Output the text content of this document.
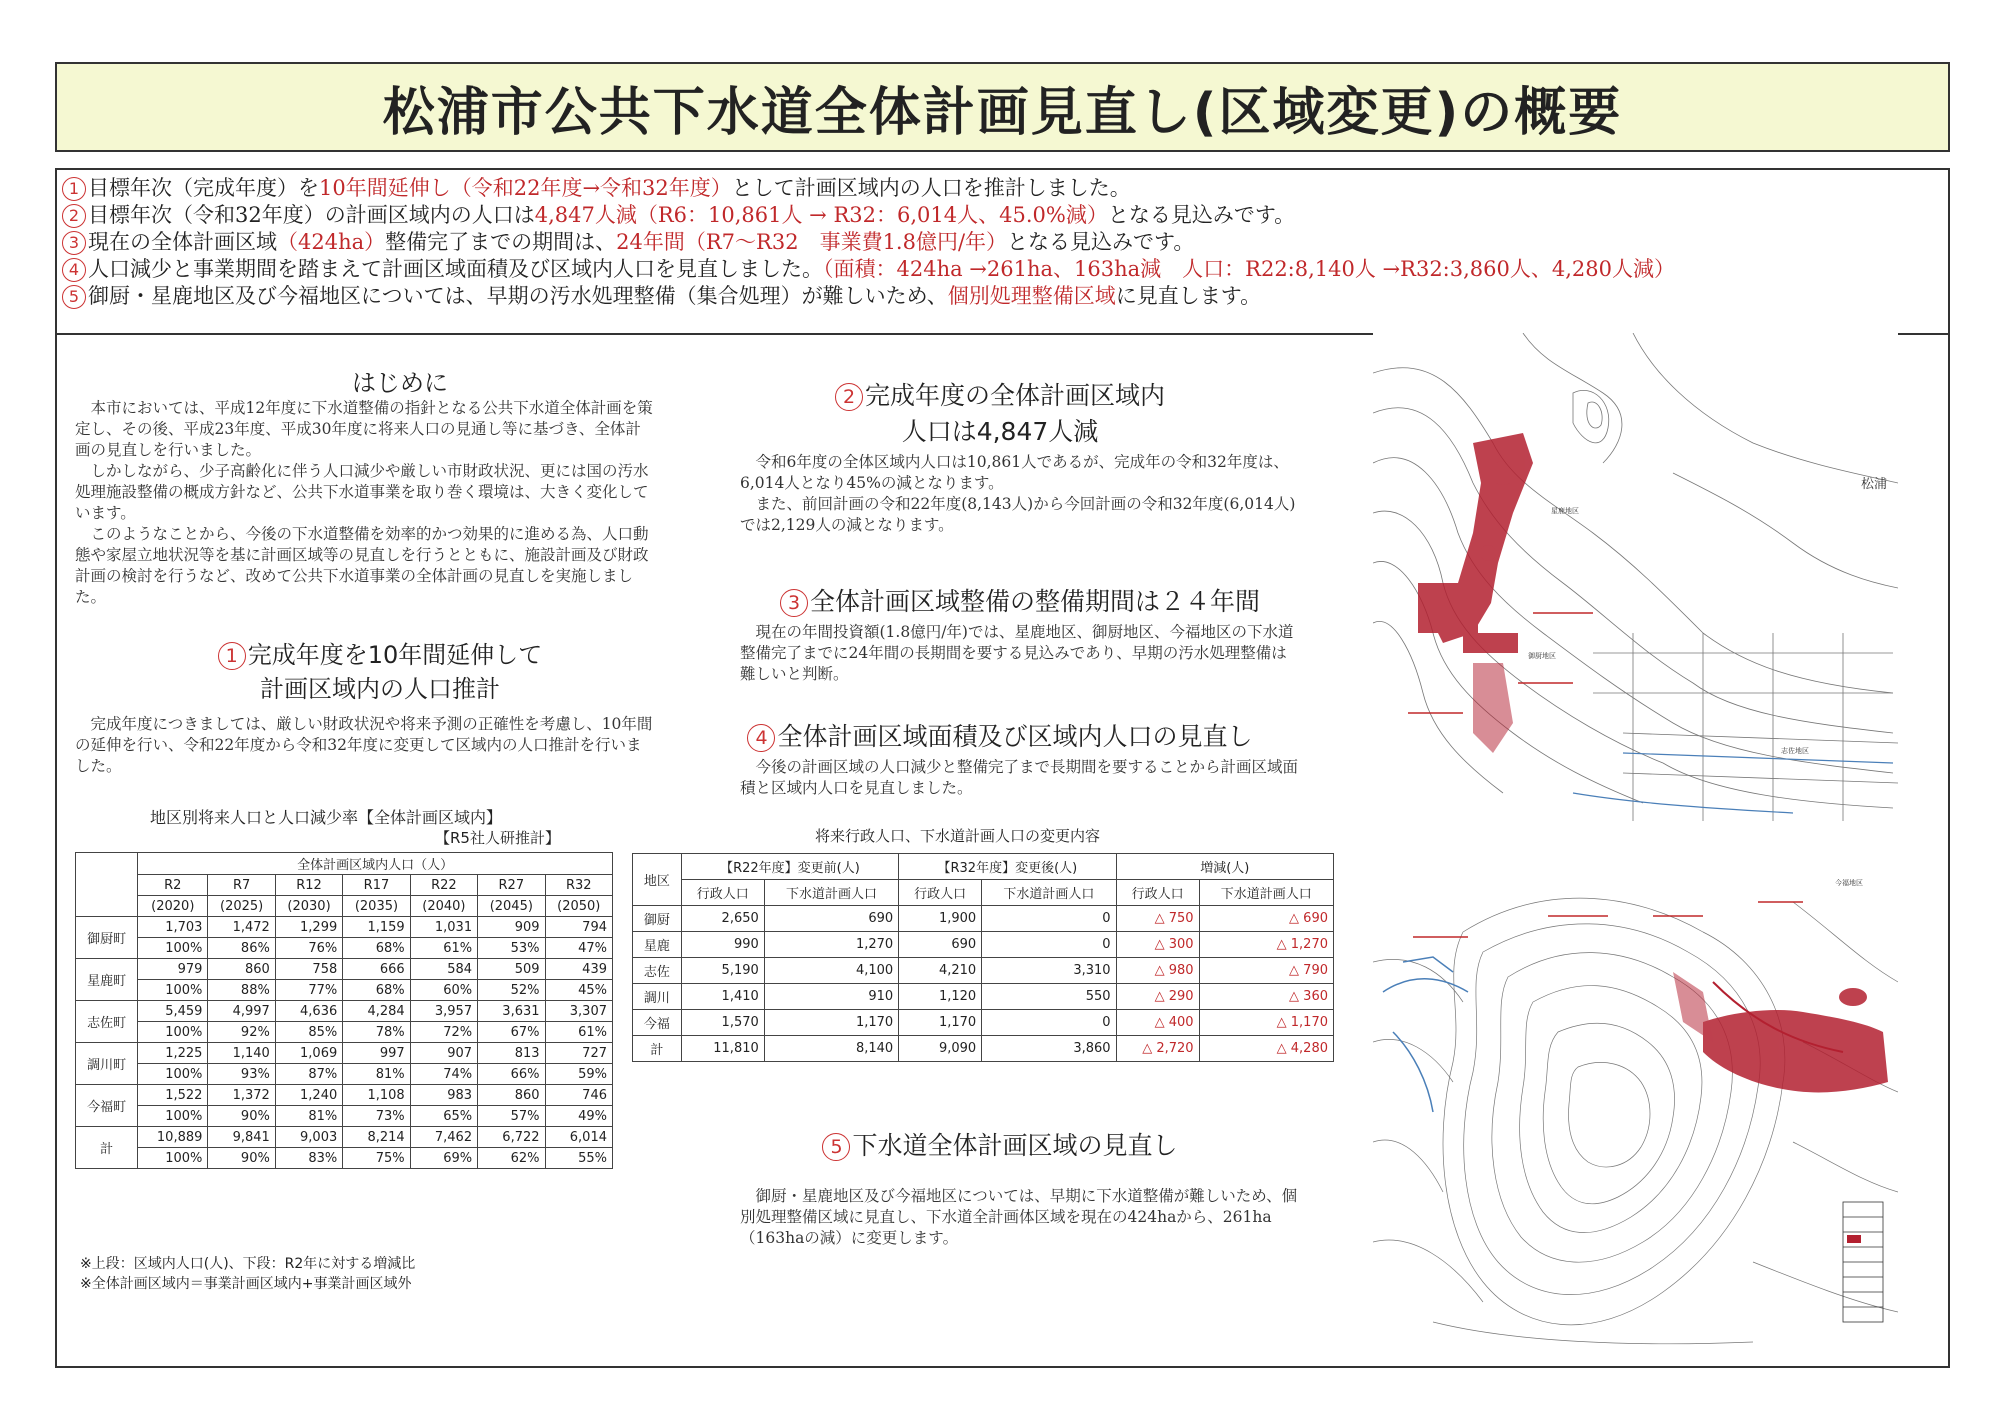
松浦市公共下水道全体計画見直し(区域変更)の概要
1 目標年次（完成年度）を10年間延伸し（令和22年度→令和32年度）として計画区域内の人口を推計しました。
2 目標年次（令和32年度）の計画区域内の人口は4,847人減（R6：10,861人 → R32：6,014人、45.0%減）となる見込みです。
3 現在の全体計画区域（424ha）整備完了までの期間は、24年間（R7～R32　事業費1.8億円/年）となる見込みです。
4 人口減少と事業期間を踏まえて計画区域面積及び区域内人口を見直しました。（面積：424ha →261ha、163ha減　人口：R22:8,140人 →R32:3,860人、4,280人減）
5 御厨・星鹿地区及び今福地区については、早期の汚水処理整備（集合処理）が難しいため、個別処理整備区域に見直します。
はじめに
本市においては、平成12年度に下水道整備の指針となる公共下水道全体計画を策定し、その後、平成23年度、平成30年度に将来人口の見通し等に基づき、全体計画の見直しを行いました。
しかしながら、少子高齢化に伴う人口減少や厳しい市財政状況、更には国の汚水処理施設整備の概成方針など、公共下水道事業を取り巻く環境は、大きく変化しています。
このようなことから、今後の下水道整備を効率的かつ効果的に進める為、人口動態や家屋立地状況等を基に計画区域等の見直しを行うとともに、施設計画及び財政計画の検討を行うなど、改めて公共下水道事業の全体計画の見直しを実施しました。
1 完成年度を10年間延伸して
計画区域内の人口推計
完成年度につきましては、厳しい財政状況や将来予測の正確性を考慮し、10年間の延伸を行い、令和22年度から令和32年度に変更して区域内の人口推計を行いました。
地区別将来人口と人口減少率【全体計画区域内】
【R5社人研推計】
	全体計画区域内人口（人）						
	R2	R7	R12	R17	R22	R27	R32
	(2020)	(2025)	(2030)	(2035)	(2040)	(2045)	(2050)
御厨町	1,703	1,472	1,299	1,159	1,031	909	794
	100%	86%	76%	68%	61%	53%	47%
星鹿町	979	860	758	666	584	509	439
	100%	88%	77%	68%	60%	52%	45%
志佐町	5,459	4,997	4,636	4,284	3,957	3,631	3,307
	100%	92%	85%	78%	72%	67%	61%
調川町	1,225	1,140	1,069	997	907	813	727
	100%	93%	87%	81%	74%	66%	59%
今福町	1,522	1,372	1,240	1,108	983	860	746
	100%	90%	81%	73%	65%	57%	49%
計	10,889	9,841	9,003	8,214	7,462	6,722	6,014
	100%	90%	83%	75%	69%	62%	55%
※上段：区域内人口(人)、下段：R2年に対する増減比
※全体計画区域内＝事業計画区域内+事業計画区域外
2 完成年度の全体計画区域内
人口は4,847人減
令和6年度の全体区域内人口は10,861人であるが、完成年の令和32年度は、6,014人となり45%の減となります。
また、前回計画の令和22年度(8,143人)から今回計画の令和32年度(6,014人)では2,129人の減となります。
3 全体計画区域整備の整備期間は２４年間
現在の年間投資額(1.8億円/年)では、星鹿地区、御厨地区、今福地区の下水道整備完了までに24年間の長期間を要する見込みであり、早期の汚水処理整備は難しいと判断。
4 全体計画区域面積及び区域内人口の見直し
今後の計画区域の人口減少と整備完了まで長期間を要することから計画区域面積と区域内人口を見直しました。
将来行政人口、下水道計画人口の変更内容
地区	【R22年度】変更前(人)		【R32年度】変更後(人)		増減(人)	
	行政人口	下水道計画人口	行政人口	下水道計画人口	行政人口	下水道計画人口
御厨	2,650	690	1,900	0	△ 750	△ 690
星鹿	990	1,270	690	0	△ 300	△ 1,270
志佐	5,190	4,100	4,210	3,310	△ 980	△ 790
調川	1,410	910	1,120	550	△ 290	△ 360
今福	1,570	1,170	1,170	0	△ 400	△ 1,170
計	11,810	8,140	9,090	3,860	△ 2,720	△ 4,280
5 下水道全体計画区域の見直し
御厨・星鹿地区及び今福地区については、早期に下水道整備が難しいため、個別処理整備区域に見直し、下水道全計画体区域を現在の424haから、261ha（163haの減）に変更します。
松浦
星鹿地区
御厨地区
志佐地区
今福地区
